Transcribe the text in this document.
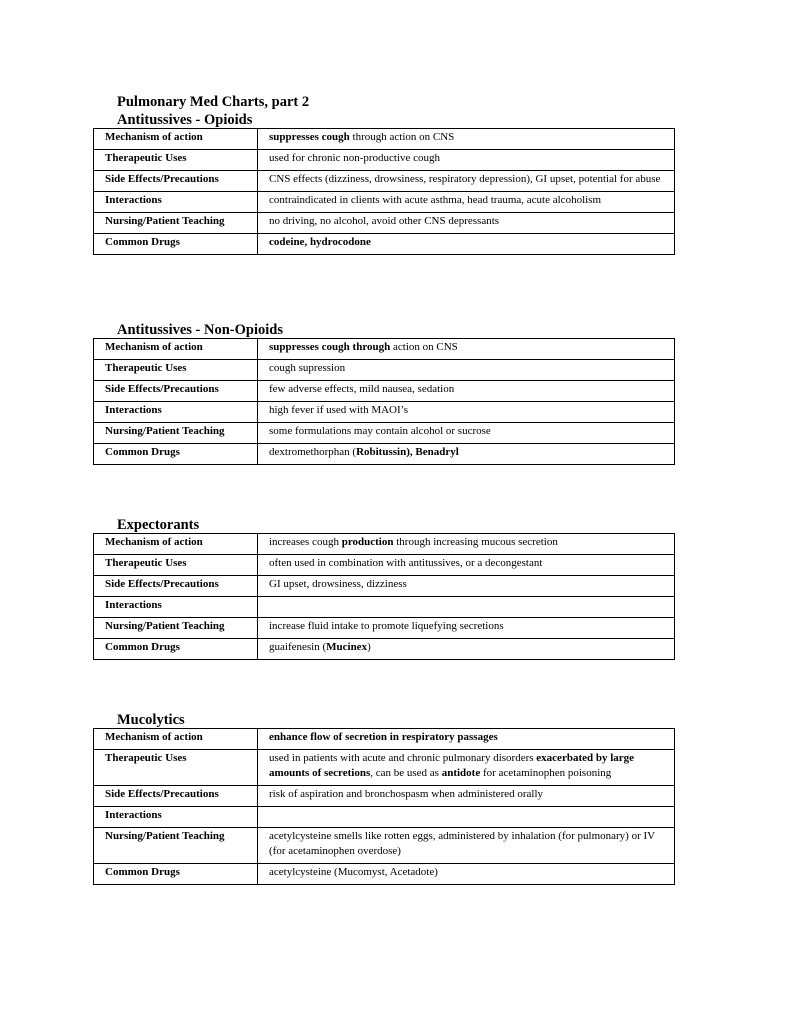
Pulmonary Med Charts, part 2
Antitussives - Opioids
Mechanism of action	suppresses cough through action on CNS
Therapeutic Uses	used for chronic non-productive cough
Side Effects/Precautions	CNS effects (dizziness, drowsiness, respiratory depression), GI upset, potential for abuse
Interactions	contraindicated in clients with acute asthma, head trauma, acute alcoholism
Nursing/Patient Teaching	no driving, no alcohol, avoid other CNS depressants
Common Drugs	codeine, hydrocodone
Antitussives - Non-Opioids
Mechanism of action	suppresses cough through action on CNS
Therapeutic Uses	cough supression
Side Effects/Precautions	few adverse effects, mild nausea, sedation
Interactions	high fever if used with MAOI’s
Nursing/Patient Teaching	some formulations may contain alcohol or sucrose
Common Drugs	dextromethorphan (Robitussin), Benadryl
Expectorants
Mechanism of action	increases cough production through increasing mucous secretion
Therapeutic Uses	often used in combination with antitussives, or a decongestant
Side Effects/Precautions	GI upset, drowsiness, dizziness
Interactions	
Nursing/Patient Teaching	increase fluid intake to promote liquefying secretions
Common Drugs	guaifenesin (Mucinex)
Mucolytics
Mechanism of action	enhance flow of secretion in respiratory passages
Therapeutic Uses	used in patients with acute and chronic pulmonary disorders exacerbated by large amounts of secretions, can be used as antidote for acetaminophen poisoning
Side Effects/Precautions	risk of aspiration and bronchospasm when administered orally
Interactions	
Nursing/Patient Teaching	acetylcysteine smells like rotten eggs, administered by inhalation (for pulmonary) or IV (for acetaminophen overdose)
Common Drugs	acetylcysteine (Mucomyst, Acetadote)
